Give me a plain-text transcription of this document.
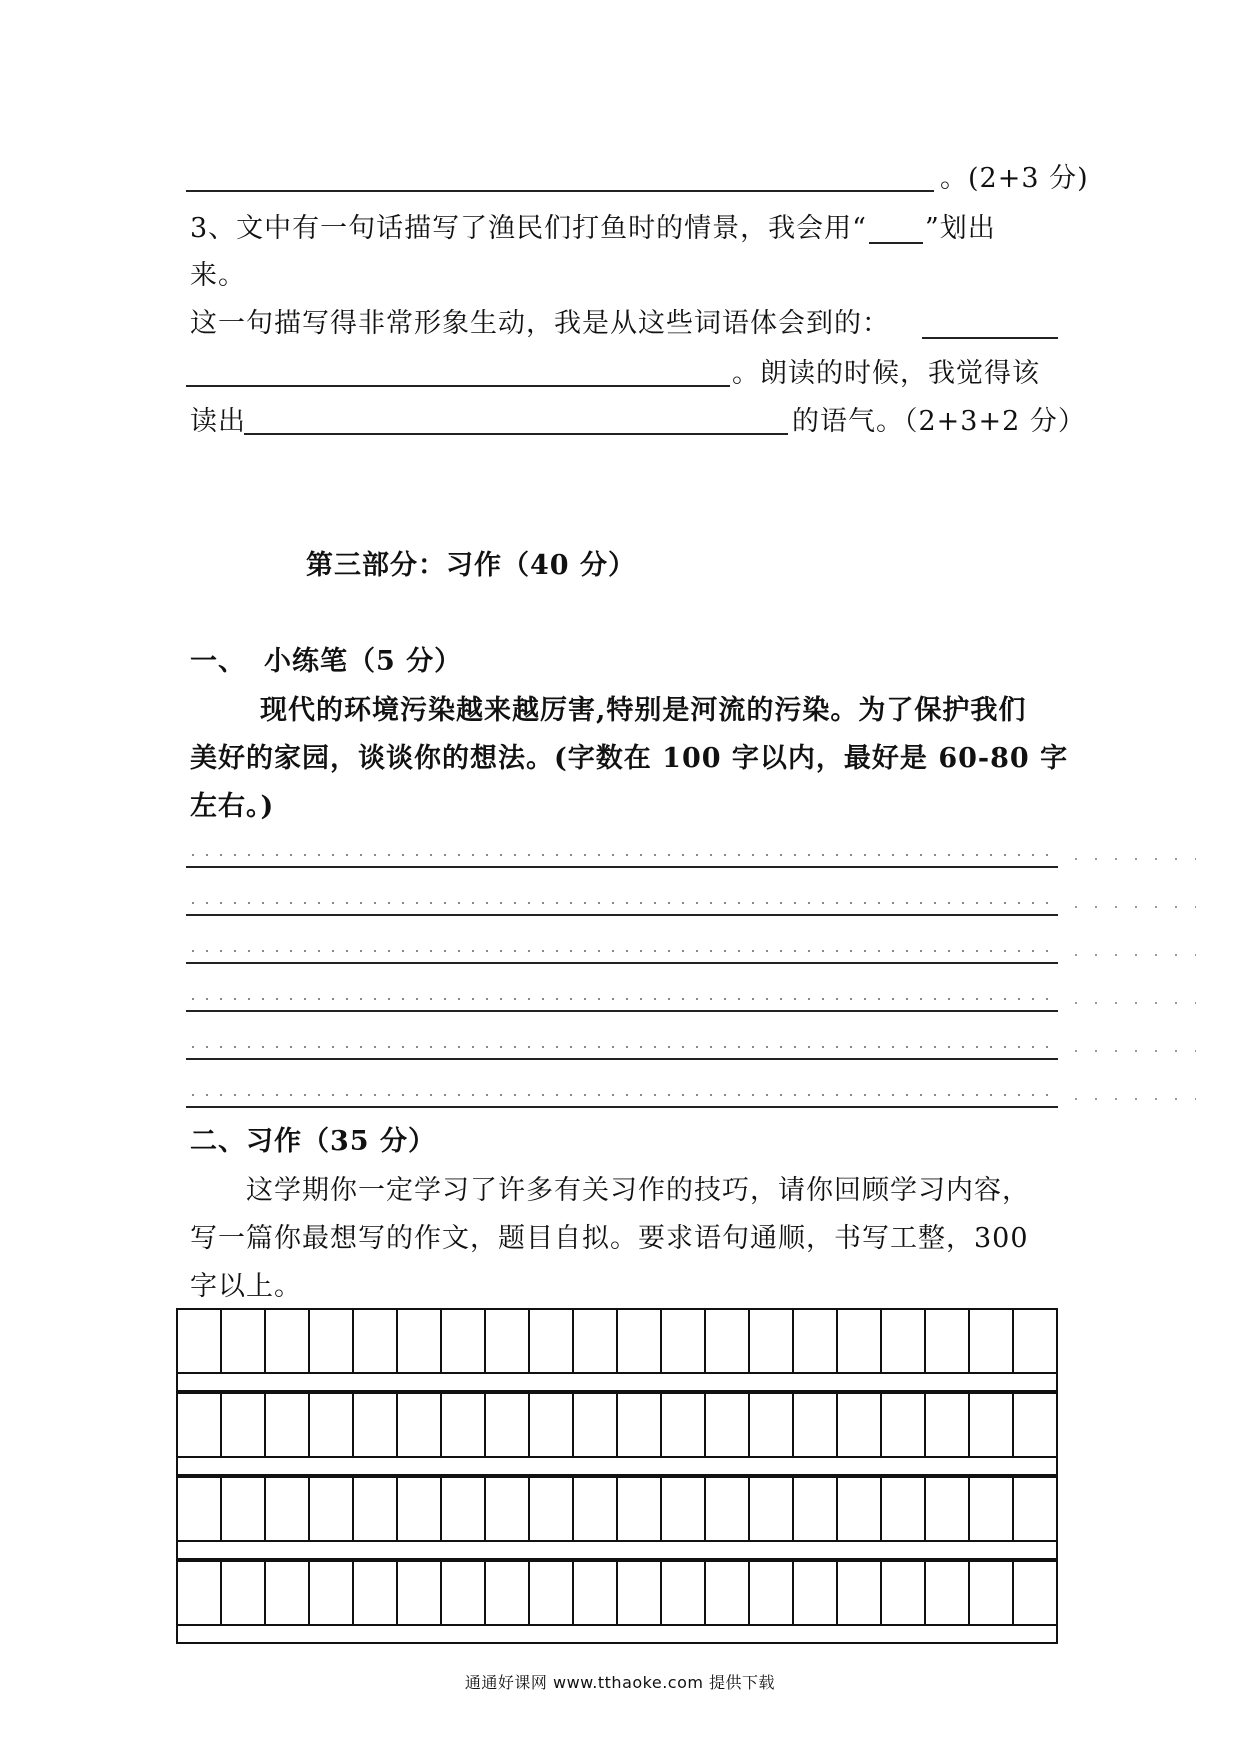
。(2+3 分)
3、文中有一句话描写了渔民们打鱼时的情景，我会用“ ”划出
来。
这一句描写得非常形象生动，我是从这些词语体会到的：
。朗读的时候，我觉得该
读出	的语气。（2+3+2 分）
第三部分：习作（40 分）
一、 小练笔（5 分）
现代的环境污染越来越厉害,特别是河流的污染。为了保护我们
美好的家园，谈谈你的想法。(字数在 100 字以内，最好是 60-80 字
左右。)
二、习作（35 分）
这学期你一定学习了许多有关习作的技巧，请你回顾学习内容，
写一篇你最想写的作文，题目自拟。要求语句通顺，书写工整，300
字以上。
通通好课网 www.tthaoke.com 提供下载
